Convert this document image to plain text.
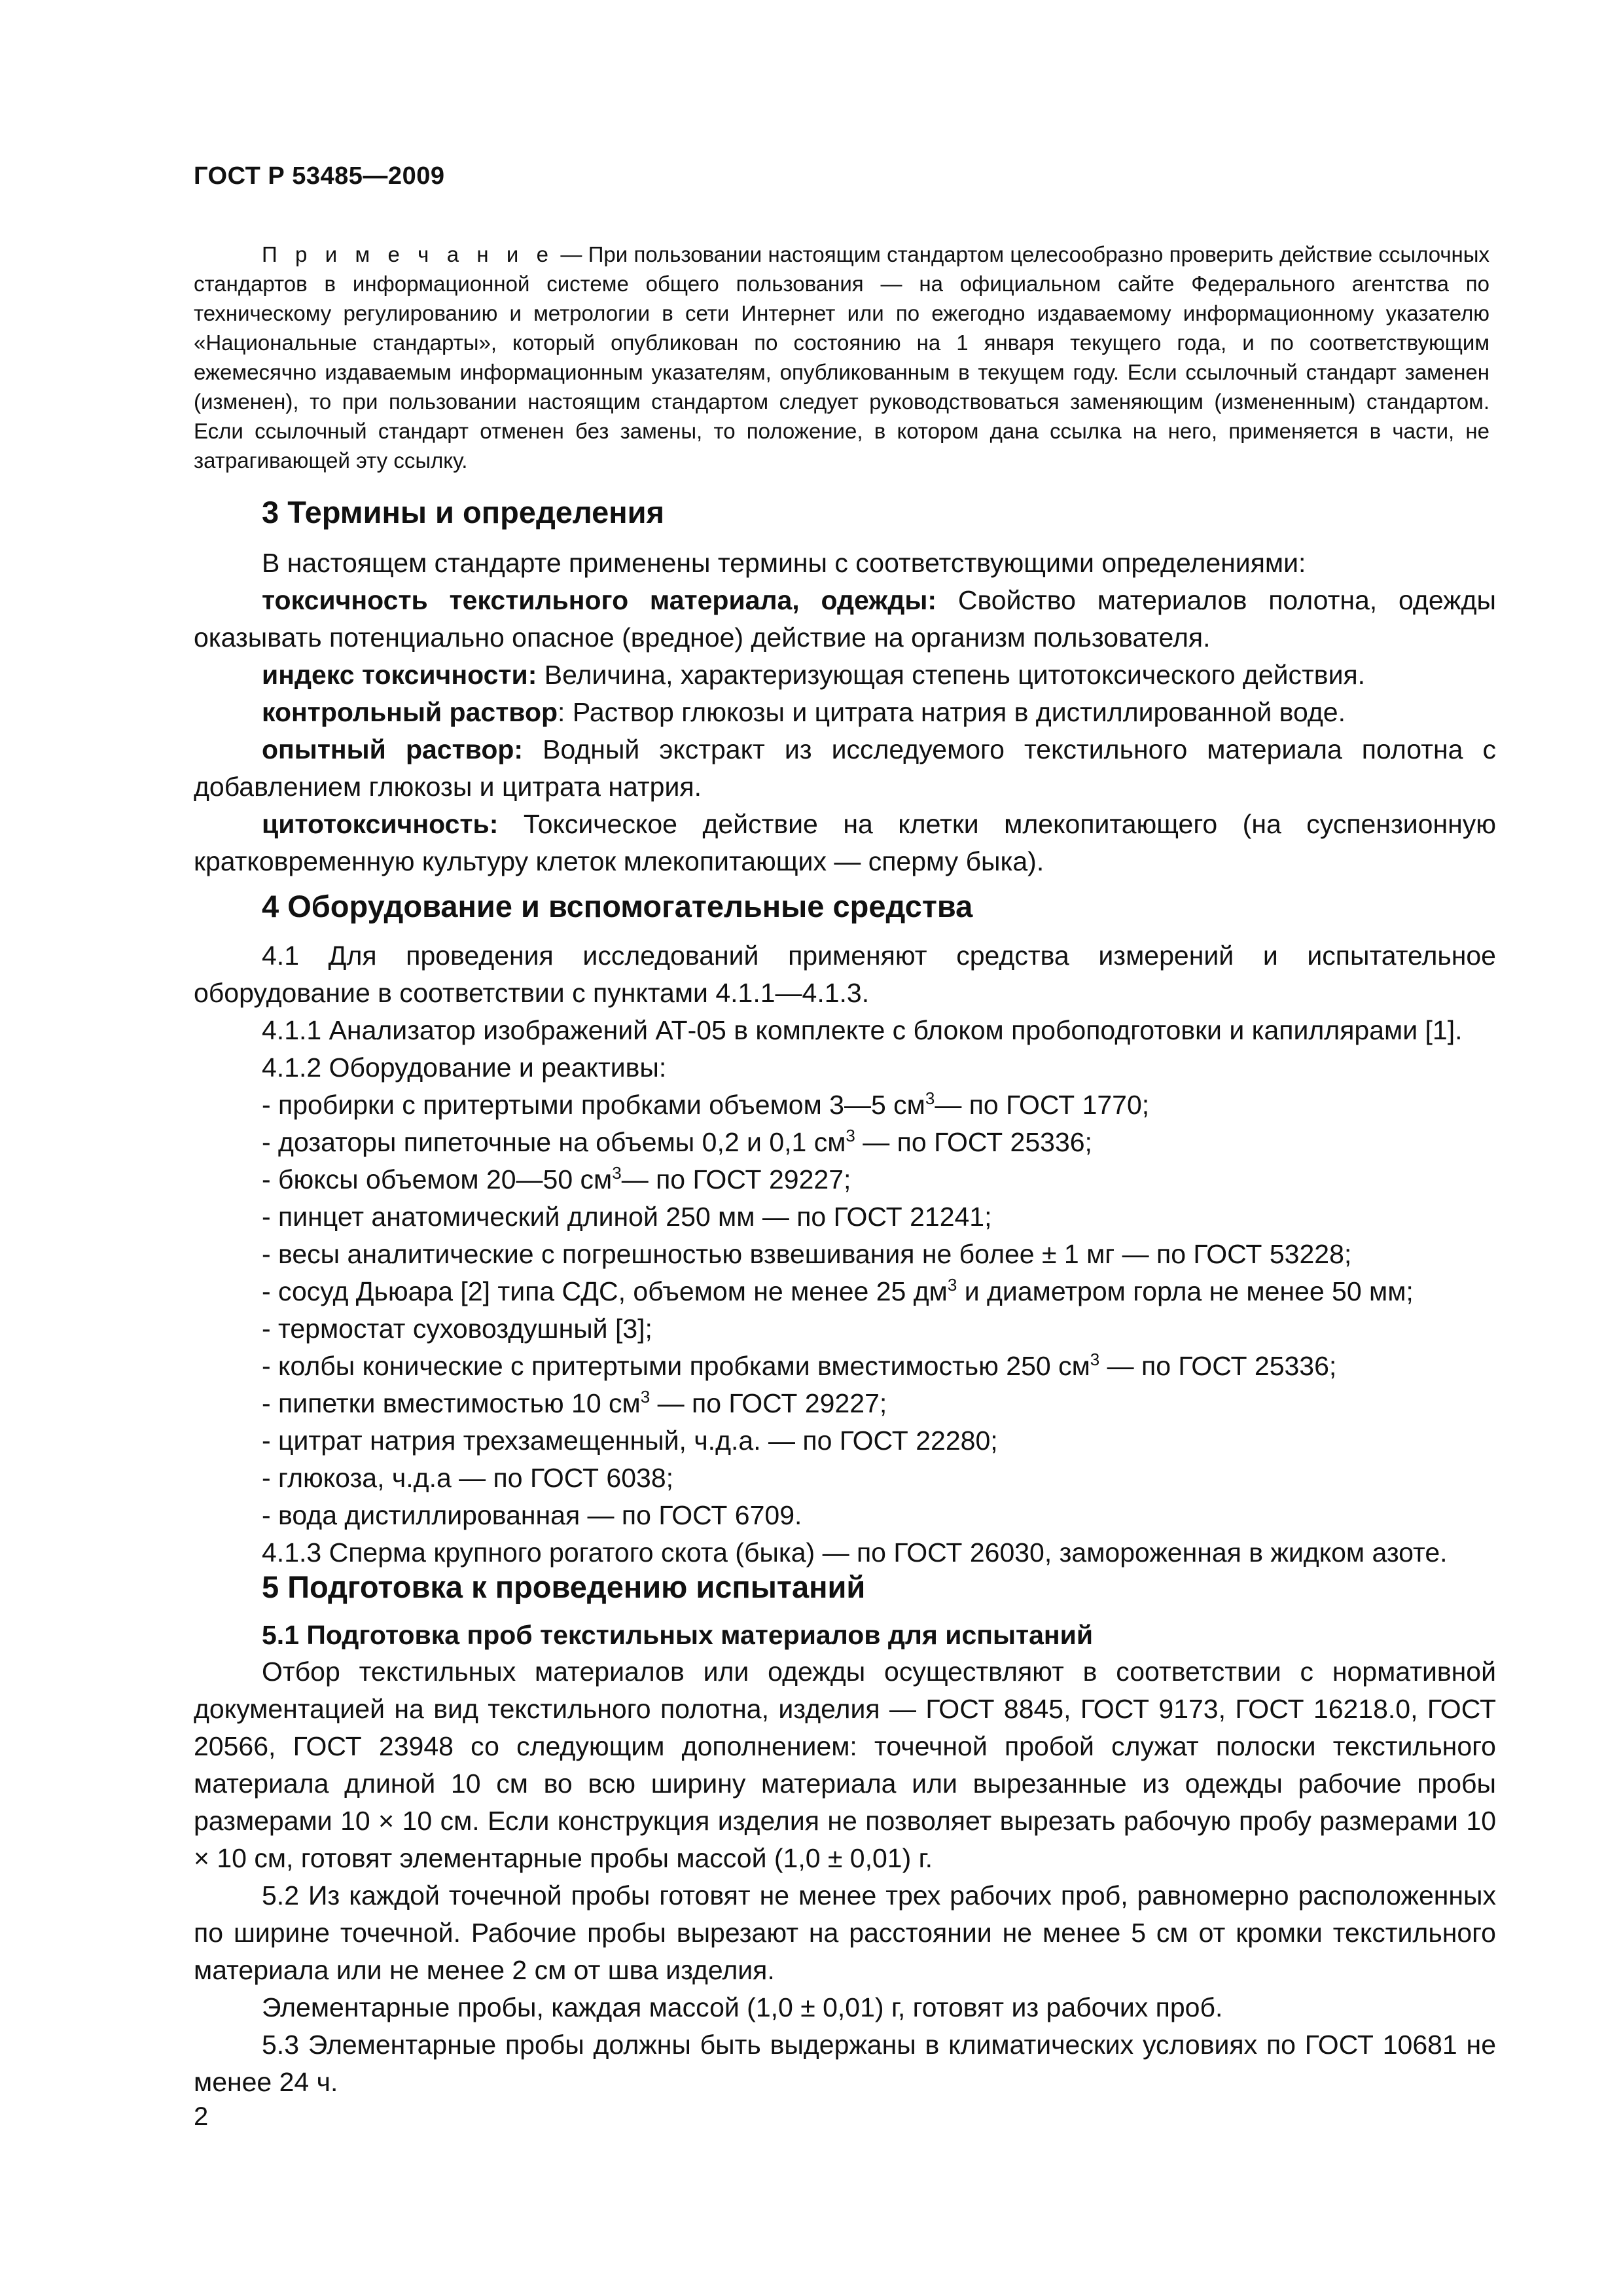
ГОСТ Р 53485—2009

П р и м е ч а н и е — При пользовании настоящим стандартом целесообразно проверить действие ссылочных стандартов в информационной системе общего пользования — на официальном сайте Федерального агентства по техническому регулированию и метрологии в сети Интернет или по ежегодно издаваемому информационному указателю «Национальные стандарты», который опубликован по состоянию на 1 января текущего года, и по соответствующим ежемесячно издаваемым информационным указателям, опубликованным в текущем году. Если ссылочный стандарт заменен (изменен), то при пользовании настоящим стандартом следует руководствоваться заменяющим (измененным) стандартом. Если ссылочный стандарт отменен без замены, то положение, в котором дана ссылка на него, применяется в части, не затрагивающей эту ссылку.

3 Термины и определения

В настоящем стандарте применены термины с соответствующими определениями:

токсичность текстильного материала, одежды: Свойство материалов полотна, одежды оказывать потенциально опасное (вредное) действие на организм пользователя.

индекс токсичности: Величина, характеризующая степень цитотоксического действия.

контрольный раствор: Раствор глюкозы и цитрата натрия в дистиллированной воде.

опытный раствор: Водный экстракт из исследуемого текстильного материала полотна с добавлением глюкозы и цитрата натрия.

цитотоксичность: Токсическое действие на клетки млекопитающего (на суспензионную кратковременную культуру клеток млекопитающих — сперму быка).

4 Оборудование и вспомогательные средства

4.1 Для проведения исследований применяют средства измерений и испытательное оборудование в соответствии с пунктами 4.1.1—4.1.3.

4.1.1 Анализатор изображений АТ-05 в комплекте с блоком пробоподготовки и капиллярами [1].

4.1.2 Оборудование и реактивы:

- пробирки с притертыми пробками объемом 3—5 $см^3—$ по ГОСТ 1770;

- дозаторы пипеточные на объемы 0,2 и 0,1 $см^3$ — по ГОСТ 25336;

- бюксы объемом 20—50 $см^3—$ по ГОСТ 29227;

- пинцет анатомический длиной 250 мм — по ГОСТ 21241;

- весы аналитические с погрешностью взвешивания не более ± 1 мг — по ГОСТ 53228;

- сосуд Дьюара [2] типа СДС, объемом не менее 25 $дм^3$ и диаметром горла не менее 50 мм;

- термостат суховоздушный [3];

- колбы конические с притертыми пробками вместимостью 250 $см^3$ — по ГОСТ 25336;

- пипетки вместимостью 10 $см^3$ — по ГОСТ 29227;

- цитрат натрия трехзамещенный, ч.д.а. — по ГОСТ 22280;

- глюкоза, ч.д.а — по ГОСТ 6038;

- вода дистиллированная — по ГОСТ 6709.

4.1.3 Сперма крупного рогатого скота (быка) — по ГОСТ 26030, замороженная в жидком азоте.

5 Подготовка к проведению испытаний

5.1 Подготовка проб текстильных материалов для испытаний

Отбор текстильных материалов или одежды осуществляют в соответствии с нормативной документацией на вид текстильного полотна, изделия — ГОСТ 8845, ГОСТ 9173, ГОСТ 16218.0, ГОСТ 20566, ГОСТ 23948 со следующим дополнением: точечной пробой служат полоски текстильного материала длиной 10 см во всю ширину материала или вырезанные из одежды рабочие пробы размерами 10 × 10 см. Если конструкция изделия не позволяет вырезать рабочую пробу размерами 10 × 10 см, готовят элементарные пробы массой (1,0 ± 0,01) г.

5.2 Из каждой точечной пробы готовят не менее трех рабочих проб, равномерно расположенных по ширине точечной. Рабочие пробы вырезают на расстоянии не менее 5 см от кромки текстильного материала или не менее 2 см от шва изделия.

Элементарные пробы, каждая массой (1,0 ± 0,01) г, готовят из рабочих проб.

5.3 Элементарные пробы должны быть выдержаны в климатических условиях по ГОСТ 10681 не менее 24 ч.

2
